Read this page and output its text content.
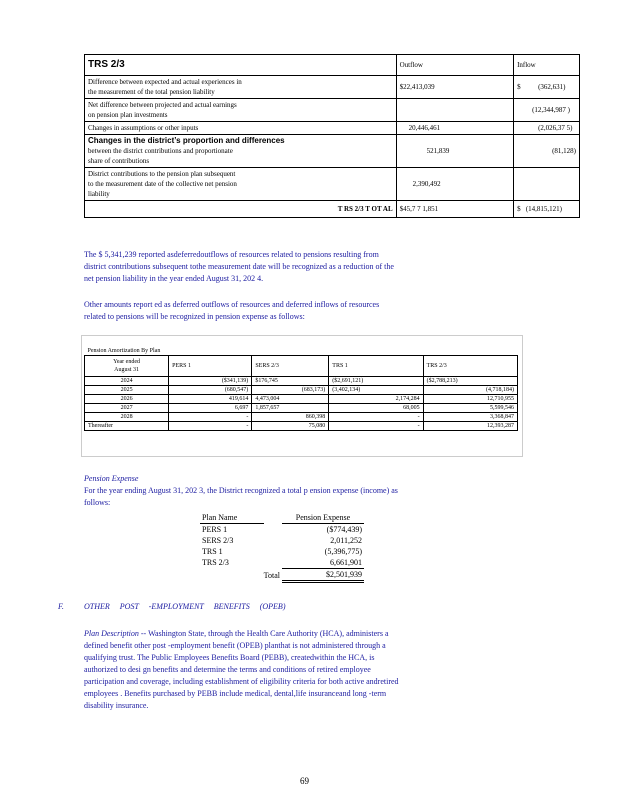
TRS 2/3	Outflow	Inflow
Difference between expected and actual experiences in
the measurement of the total pension liability	$22,413,039	$ (362,631)
Net difference between projected and actual earnings
on pension plan investments		(12,344,987 )
Changes in assumptions or other inputs	20,446,461	(2,026,37 5)
Changes in the district’s proportion and differences
between the district contributions and proportionate
share of contributions	521,839	(81,128)
District contributions to the pension plan subsequent
to the measurement date of the collective net pension
liability	2,390,492	
T RS 2/3 T OT AL	$45,7 7 1,851	$ (14,815,121)
The $ 5,341,239 reported asdeferredoutflows of resources related to pensions resulting from
district contributions subsequent tothe measurement date will be recognized as a reduction of the
net pension liability in the year ended August 31, 202 4.
Other amounts report ed as deferred outflows of resources and deferred inflows of resources
related to pensions will be recognized in pension expense as follows:
Pension Amortization By Plan				
Year ended
August 31	PERS 1	SERS 2/3	TRS 1	TRS 2/3
2024	($341,139)	$176,745	($2,691,121)	($2,788,213)
2025	(680,547)	(683,173)	(3,402,134)	(4,718,184)
2026	419,614	4,473,004	2,174,284	12,710,955
2027	6,697	1,857,657	68,005	5,599,546
2028	-	860,398	-	3,368,847
Thereafter	-	75,080	-	12,393,287
Pension Expense
For the year ending August 31, 202 3, the District recognized a total p ension expense (income) as
follows:
Plan Name		Pension Expense
PERS 1		($774,439)
SERS 2/3		2,011,252
TRS 1		(5,396,775)
TRS 2/3		6,661,901
Total		$2,501,939
F.	OTHER POST -EMPLOYMENT BENEFITS (OPEB)
Plan Description -- Washington State, through the Health Care Authority (HCA), administers a
defined benefit other post -employment benefit (OPEB) planthat is not administered through a
qualifying trust. The Public Employees Benefits Board (PEBB), createdwithin the HCA, is
authorized to desi gn benefits and determine the terms and conditions of retired employee
participation and coverage, including establishment of eligibility criteria for both active andretired
employees . Benefits purchased by PEBB include medical, dental,life insuranceand long -term
disability insurance.
69
